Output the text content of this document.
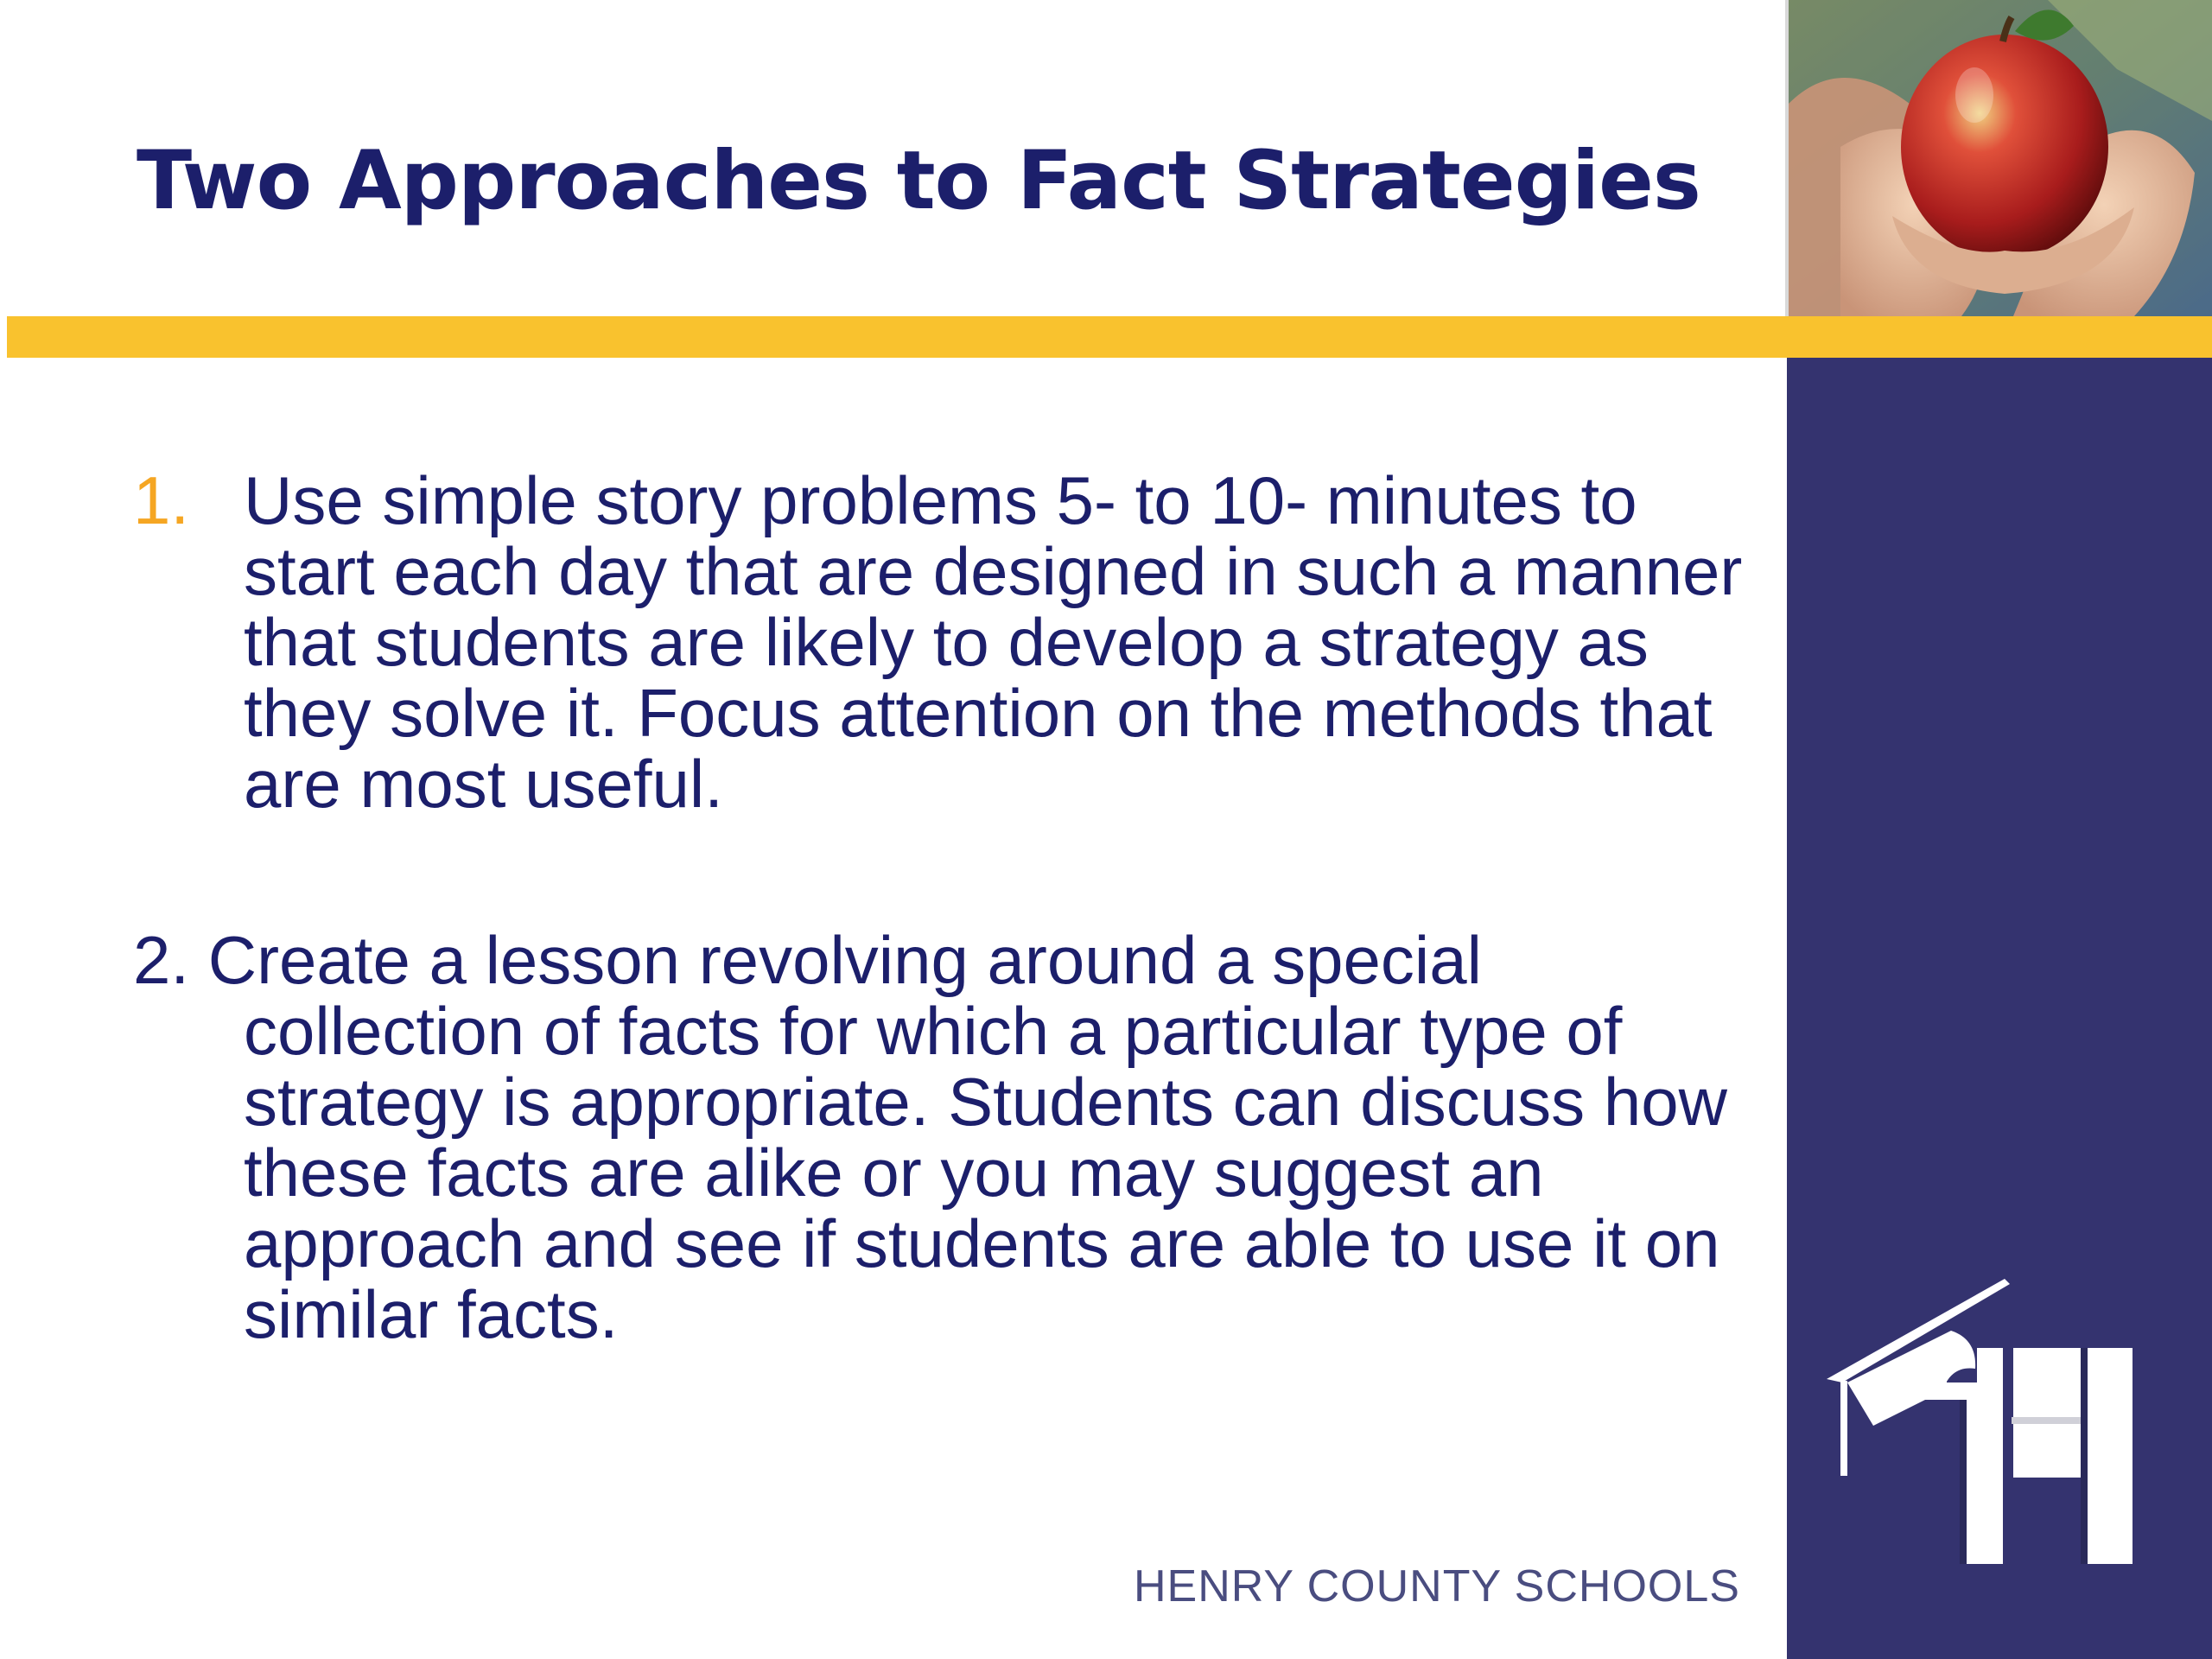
Two Approaches to Fact Strategies

1. Use simple story problems 5- to 10- minutes to start each day that are designed in such a manner that students are likely to develop a strategy as they solve it. Focus attention on the methods that are most useful.

2. Create a lesson revolving around a special collection of facts for which a particular type of strategy is appropriate. Students can discuss how these facts are alike or you may suggest an approach and see if students are able to use it on similar facts.

HENRY COUNTY SCHOOLS
